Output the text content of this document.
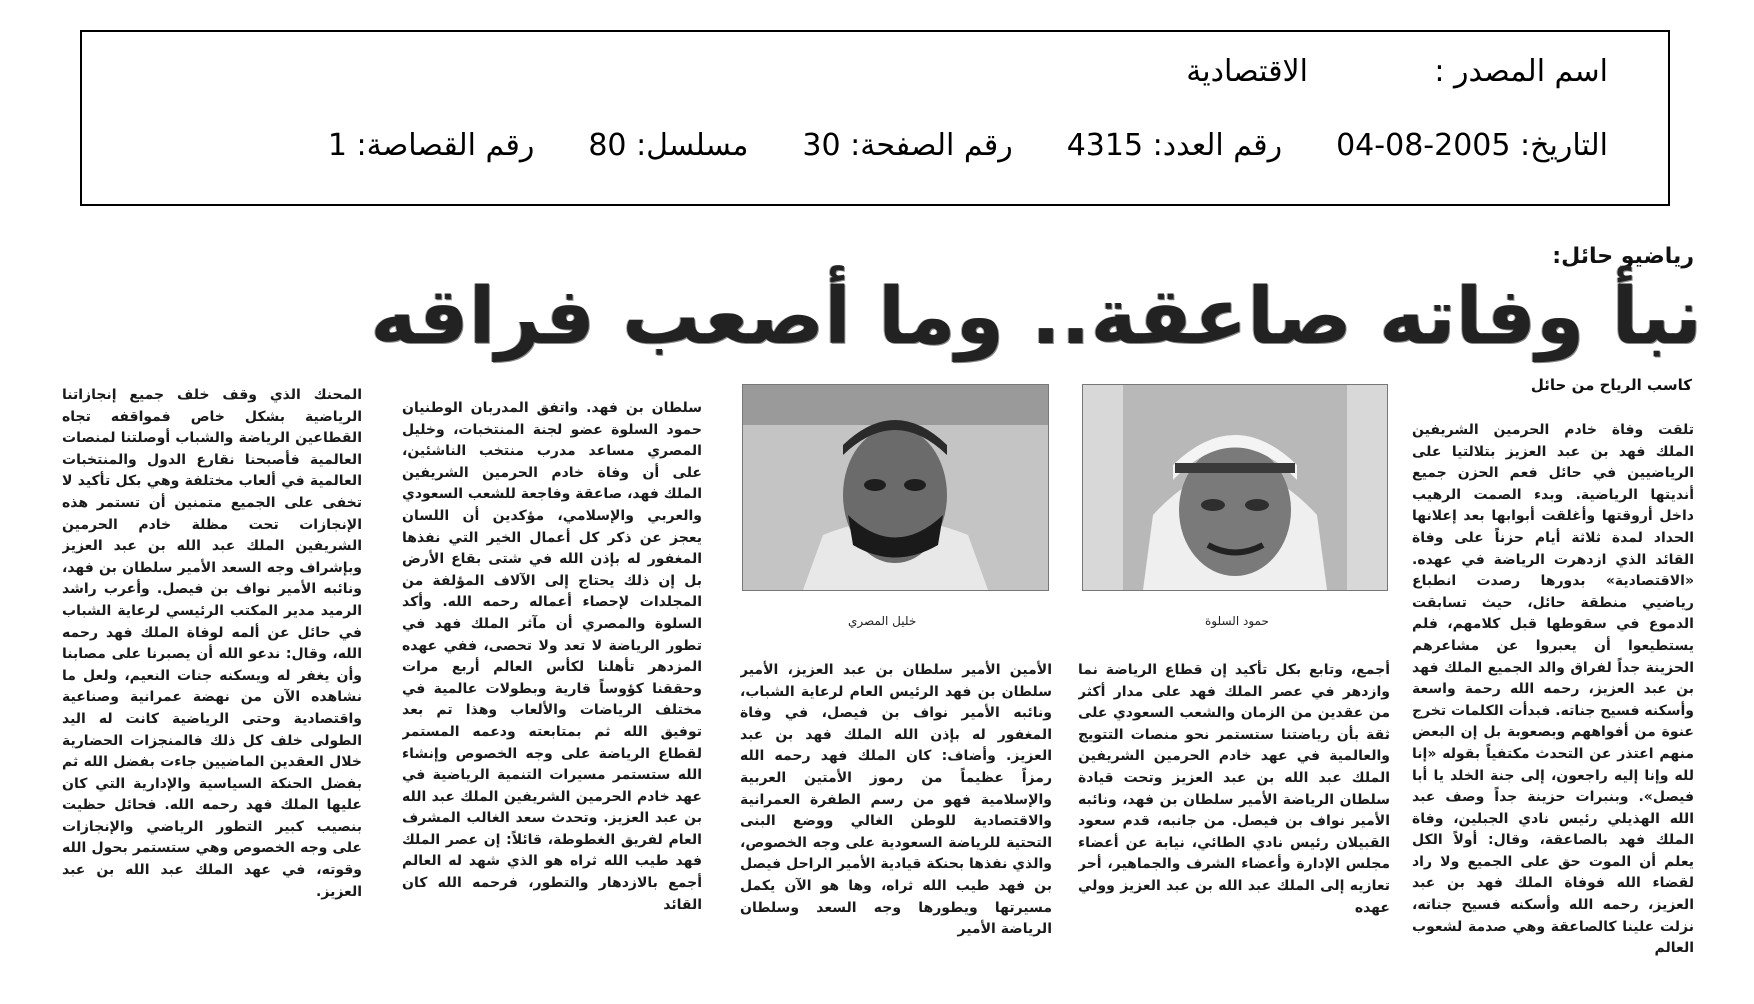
اسم المصدر :الاقتصادية
التاريخ: 2005-08-04رقم العدد: 4315رقم الصفحة: 30مسلسل: 80رقم القصاصة: 1
رياضيو حائل:
نبأ وفاته صاعقة.. وما أصعب فراقه
كاسب الرياح من حائل
حمود السلوة
خليل المصري

تلقت وفاة خادم الحرمين الشريفين الملك فهد بن عبد العزيز بتلالتيا على الرياضيين في حائل فعم الحزن جميع أنديتها الرياضية. وبدء الصمت الرهيب داخل أروقتها وأغلقت أبوابها بعد إعلانها الحداد لمدة ثلاثة أيام حزناً على وفاة القائد الذي ازدهرت الرياضة في عهده. «الاقتصادية» بدورها رصدت انطباع رياضيي منطقة حائل، حيث تسابقت الدموع في سقوطها قبل كلامهم، فلم يستطيعوا أن يعبروا عن مشاعرهم الحزينة جداً لفراق والد الجميع الملك فهد بن عبد العزيز، رحمه الله رحمة واسعة وأسكنه فسيح جناته. فبدأت الكلمات تخرج عنوة من أفواههم وبصعوبة بل إن البعض منهم اعتذر عن التحدث مكتفياً بقوله «إنا لله وإنا إليه راجعون، إلى جنة الخلد يا أبا فيصل». وبنبرات حزينة جداً وصف عبد الله الهذيلي رئيس نادي الجبلين، وفاة الملك فهد بالصاعقة، وقال: أولاً الكل يعلم أن الموت حق على الجميع ولا راد لقضاء الله فوفاة الملك فهد بن عبد العزيز، رحمه الله وأسكنه فسيح جناته، نزلت علينا كالصاعقة وهي صدمة لشعوب العالم

أجمع، وتابع بكل تأكيد إن قطاع الرياضة نما وازدهر في عصر الملك فهد على مدار أكثر من عقدين من الزمان والشعب السعودي على ثقة بأن رياضتنا ستستمر نحو منصات التتويج والعالمية في عهد خادم الحرمين الشريفين الملك عبد الله بن عبد العزيز وتحت قيادة سلطان الرياضة الأمير سلطان بن فهد، ونائبه الأمير نواف بن فيصل. من جانبه، قدم سعود القبيلان رئيس نادي الطائي، نيابة عن أعضاء مجلس الإدارة وأعضاء الشرف والجماهير، أحر تعازيه إلى الملك عبد الله بن عبد العزيز وولي عهده

الأمين الأمير سلطان بن عبد العزيز، الأمير سلطان بن فهد الرئيس العام لرعاية الشباب، ونائبه الأمير نواف بن فيصل، في وفاة المغفور له بإذن الله الملك فهد بن عبد العزيز. وأضاف: كان الملك فهد رحمه الله رمزاً عظيماً من رموز الأمتين العربية والإسلامية فهو من رسم الطفرة العمرانية والاقتصادية للوطن الغالي ووضع البنى التحتية للرياضة السعودية على وجه الخصوص، والذي نفذها بحنكة قيادية الأمير الراحل فيصل بن فهد طيب الله ثراه، وها هو الآن يكمل مسيرتها ويطورها وجه السعد وسلطان الرياضة الأمير

سلطان بن فهد. واتفق المدربان الوطنيان حمود السلوة عضو لجنة المنتخبات، وخليل المصري مساعد مدرب منتخب الناشئين، على أن وفاة خادم الحرمين الشريفين الملك فهد، صاعقة وفاجعة للشعب السعودي والعربي والإسلامي، مؤكدين أن اللسان يعجز عن ذكر كل أعمال الخير التي نفذها المغفور له بإذن الله في شتى بقاع الأرض بل إن ذلك يحتاج إلى الآلاف المؤلفة من المجلدات لإحصاء أعماله رحمه الله. وأكد السلوة والمصري أن مآثر الملك فهد في تطور الرياضة لا تعد ولا تحصى، ففي عهده المزدهر تأهلنا لكأس العالم أربع مرات وحققنا كؤوساً قارية وبطولات عالمية في مختلف الرياضات والألعاب وهذا تم بعد توفيق الله ثم بمتابعته ودعمه المستمر لقطاع الرياضة على وجه الخصوص وإنشاء الله ستستمر مسيرات التنمية الرياضية في عهد خادم الحرمين الشريفين الملك عبد الله بن عبد العزيز. وتحدث سعد الغالب المشرف العام لفريق الغطوطة، قائلاً: إن عصر الملك فهد طيب الله ثراه هو الذي شهد له العالم أجمع بالازدهار والتطور، فرحمه الله كان القائد

المحنك الذي وقف خلف جميع إنجازاتنا الرياضية بشكل خاص فمواقفه تجاه القطاعين الرياضة والشباب أوصلتنا لمنصات العالمية فأصبحنا نقارع الدول والمنتخبات العالمية في ألعاب مختلفة وهي بكل تأكيد لا تخفى على الجميع متمنين أن تستمر هذه الإنجازات تحت مظلة خادم الحرمين الشريفين الملك عبد الله بن عبد العزيز وبإشراف وجه السعد الأمير سلطان بن فهد، ونائبه الأمير نواف بن فيصل. وأعرب راشد الرميد مدير المكتب الرئيسي لرعاية الشباب في حائل عن ألمه لوفاة الملك فهد رحمه الله، وقال: ندعو الله أن يصبرنا على مصابنا وأن يغفر له ويسكنه جنات النعيم، ولعل ما نشاهده الآن من نهضة عمرانية وصناعية واقتصادية وحتى الرياضية كانت له اليد الطولى خلف كل ذلك فالمنجزات الحضارية خلال العقدين الماضيين جاءت بفضل الله ثم بفضل الحنكة السياسية والإدارية التي كان عليها الملك فهد رحمه الله. فحائل حظيت بنصيب كبير التطور الرياضي والإنجازات على وجه الخصوص وهي ستستمر بحول الله وقوته، في عهد الملك عبد الله بن عبد العزيز.
